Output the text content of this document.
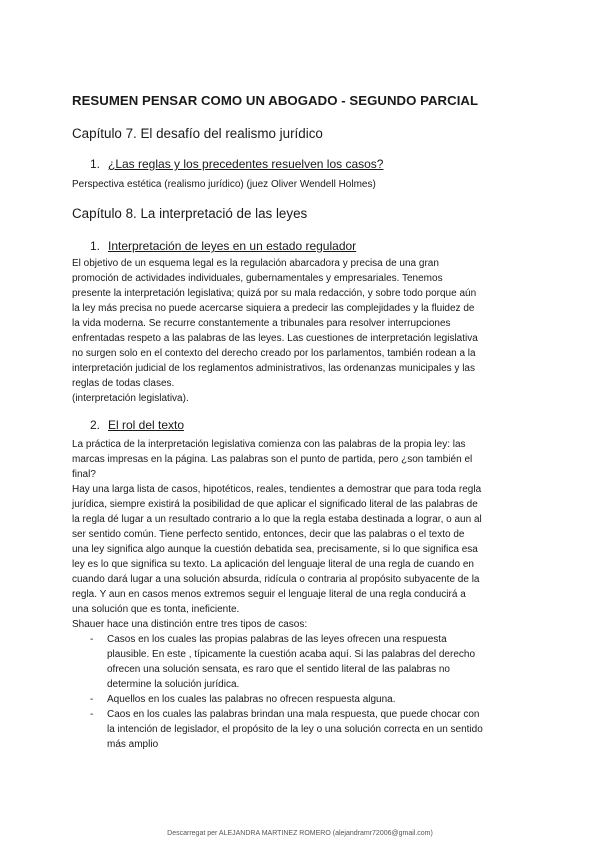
RESUMEN PENSAR COMO UN ABOGADO - SEGUNDO PARCIAL
Capítulo 7. El desafío del realismo jurídico
1. ¿Las reglas y los precedentes resuelven los casos?
Perspectiva estética (realismo jurídico) (juez Oliver Wendell Holmes)
Capítulo 8. La interpretació de las leyes
1. Interpretación de leyes en un estado regulador
El objetivo de un esquema legal es la regulación abarcadora y precisa de una gran
promoción de actividades individuales, gubernamentales y empresariales. Tenemos
presente la interpretación legislativa; quizá por su mala redacción, y sobre todo porque aún
la ley más precisa no puede acercarse siquiera a predecir las complejidades y la fluidez de
la vida moderna. Se recurre constantemente a tribunales para resolver interrupciones
enfrentadas respeto a las palabras de las leyes. Las cuestiones de interpretación legislativa
no surgen solo en el contexto del derecho creado por los parlamentos, también rodean a la
interpretación judicial de los reglamentos administrativos, las ordenanzas municipales y las
reglas de todas clases.
(interpretación legislativa).
2. El rol del texto
La práctica de la interpretación legislativa comienza con las palabras de la propia ley: las
marcas impresas en la página. Las palabras son el punto de partida, pero ¿son también el
final?
Hay una larga lista de casos, hipotéticos, reales, tendientes a demostrar que para toda regla
jurídica, siempre existirá la posibilidad de que aplicar el significado literal de las palabras de
la regla dé lugar a un resultado contrario a lo que la regla estaba destinada a lograr, o aun al
ser sentido común. Tiene perfecto sentido, entonces, decir que las palabras o el texto de
una ley significa algo aunque la cuestión debatida sea, precisamente, si lo que significa esa
ley es lo que significa su texto. La aplicación del lenguaje literal de una regla de cuando en
cuando dará lugar a una solución absurda, ridícula o contraria al propósito subyacente de la
regla. Y aun en casos menos extremos seguir el lenguaje literal de una regla conducirá a
una solución que es tonta, ineficiente.
Shauer hace una distinción entre tres tipos de casos:
- Casos en los cuales las propias palabras de las leyes ofrecen una respuesta
plausible. En este , típicamente la cuestión acaba aquí. Si las palabras del derecho
ofrecen una solución sensata, es raro que el sentido literal de las palabras no
determine la solución jurídica.
- Aquellos en los cuales las palabras no ofrecen respuesta alguna.
- Caos en los cuales las palabras brindan una mala respuesta, que puede chocar con
la intención de legislador, el propósito de la ley o una solución correcta en un sentido
más amplio
Descarregat per ALEJANDRA MARTINEZ ROMERO (alejandramr72006@gmail.com)
